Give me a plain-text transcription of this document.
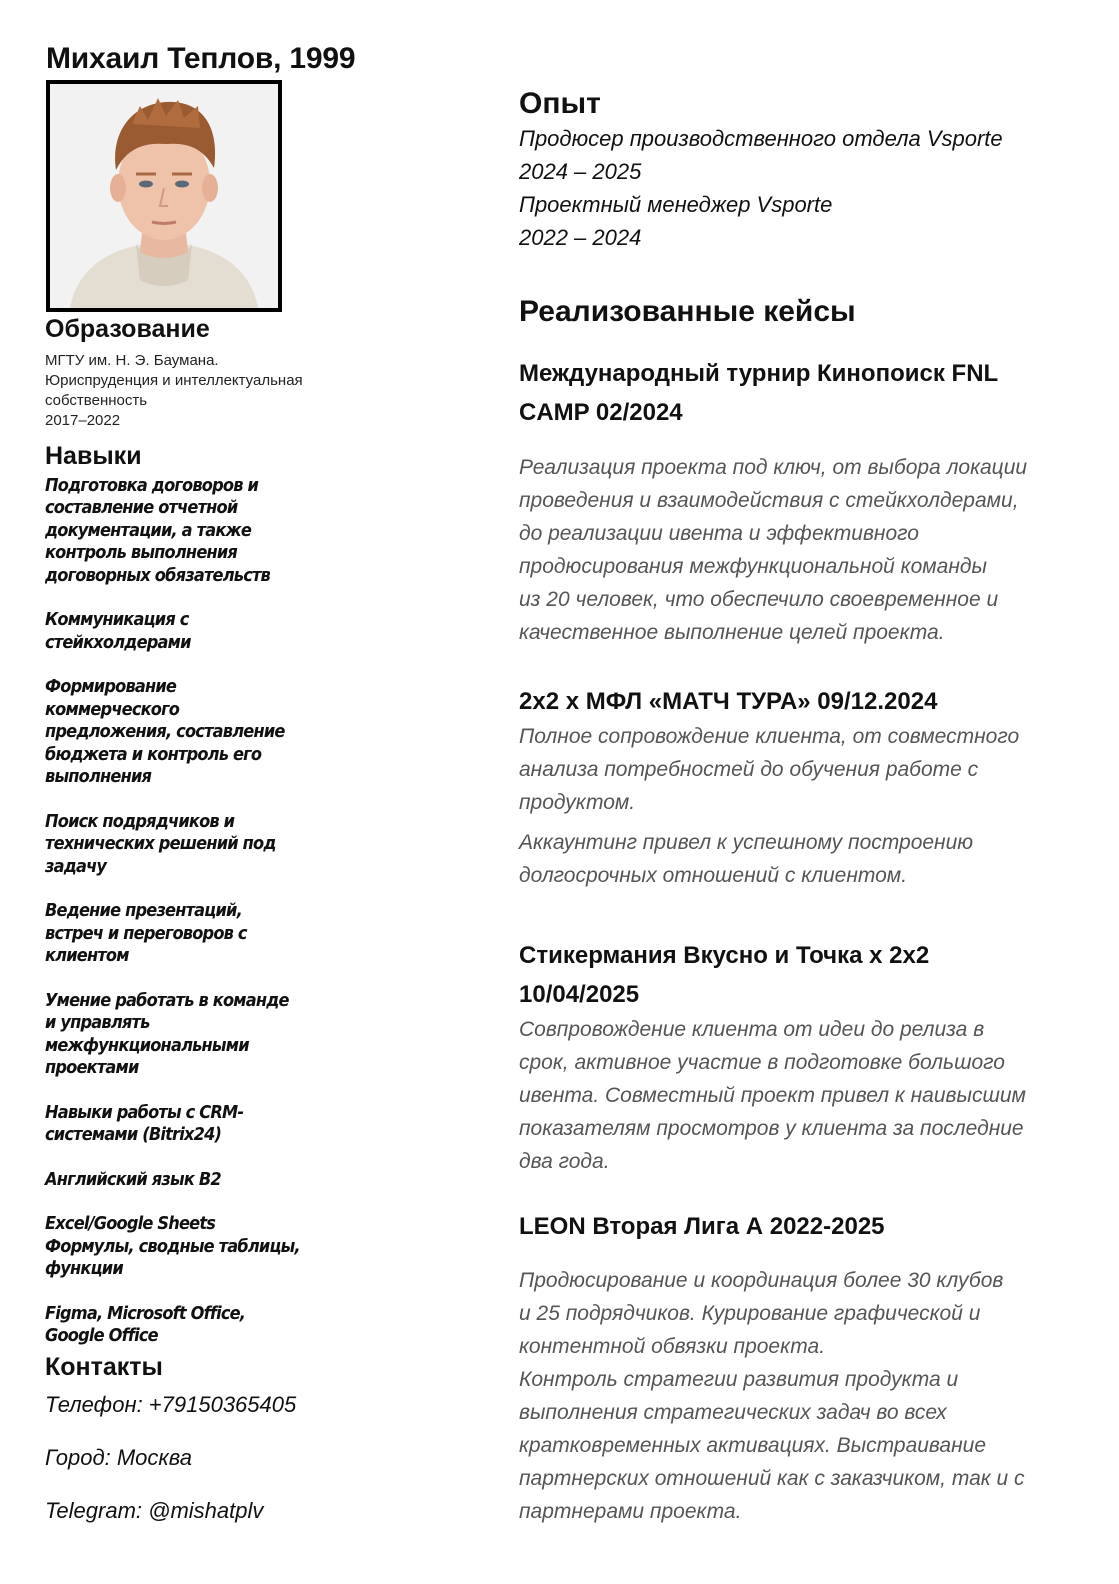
Михаил Теплов, 1999
Образование
МГТУ им. Н. Э. Баумана.
Юриспруденция и интеллектуальная
собственность
2017–2022
Навыки
Подготовка договоров и
составление отчетной
документации, а также
контроль выполнения
договорных обязательств
Коммуникация с
стейкхолдерами
Формирование
коммерческого
предложения, составление
бюджета и контроль его
выполнения
Поиск подрядчиков и
технических решений под
задачу
Ведение презентаций,
встреч и переговоров с
клиентом
Умение работать в команде
и управлять
межфункциональными
проектами
Навыки работы с CRM-
системами (Bitrix24)
Английский язык B2
Excel/Google Sheets
Формулы, сводные таблицы,
функции
Figma, Microsoft Office,
Google Office
Контакты
Телефон: +79150365405
Город: Москва
Telegram: @mishatplv
Опыт
Продюсер производственного отдела Vsporte
2024 – 2025
Проектный менеджер Vsporte
2022 – 2024
Реализованные кейсы
Международный турнир Кинопоиск FNL
CAMP 02/2024
Реализация проекта под ключ, от выбора локации
проведения и взаимодействия с стейкхолдерами,
до реализации ивента и эффективного
продюсирования межфункциональной команды
из 20 человек, что обеспечило своевременное и
качественное выполнение целей проекта.
2x2 x МФЛ «МАТЧ ТУРА» 09/12.2024
Полное сопровождение клиента, от совместного
анализа потребностей до обучения работе с
продуктом.
Аккаунтинг привел к успешному построению
долгосрочных отношений с клиентом.
Стикермания Вкусно и Точка x 2x2
10/04/2025
Совпровождение клиента от идеи до релиза в
срок, активное участие в подготовке большого
ивента. Совместный проект привел к наивысшим
показателям просмотров у клиента за последние
два года.
LEON Вторая Лига А 2022-2025
Продюсирование и координация более 30 клубов
и 25 подрядчиков. Курирование графической и
контентной обвязки проекта.
Контроль стратегии развития продукта и
выполнения стратегических задач во всех
кратковременных активациях. Выстраивание
партнерских отношений как с заказчиком, так и с
партнерами проекта.
